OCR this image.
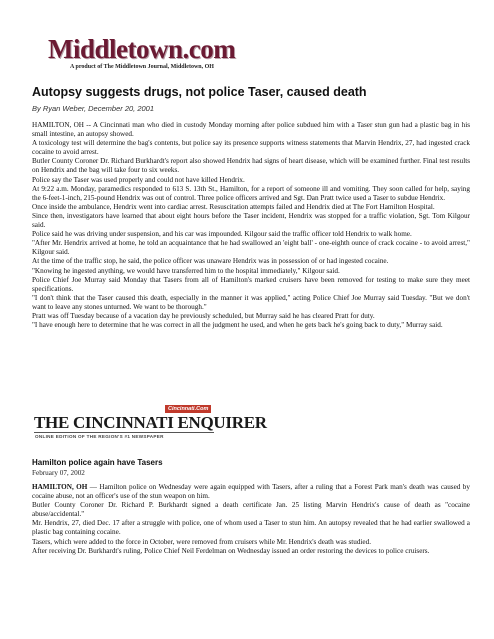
Middletown.com
A product of The Middletown Journal, Middletown, OH
Autopsy suggests drugs, not police Taser, caused death
By Ryan Weber, December 20, 2001

HAMILTON, OH -- A Cincinnati man who died in custody Monday morning after police subdued him with a Taser stun gun had a plastic bag in his small intestine, an autopsy showed.

A toxicology test will determine the bag's contents, but police say its presence supports witness statements that Marvin Hendrix, 27, had ingested crack cocaine to avoid arrest.

Butler County Coroner Dr. Richard Burkhardt's report also showed Hendrix had signs of heart disease, which will be examined further. Final test results on Hendrix and the bag will take four to six weeks.

Police say the Taser was used properly and could not have killed Hendrix.

At 9:22 a.m. Monday, paramedics responded to 613 S. 13th St., Hamilton, for a report of someone ill and vomiting. They soon called for help, saying the 6-feet-1-inch, 215-pound Hendrix was out of control. Three police officers arrived and Sgt. Dan Pratt twice used a Taser to subdue Hendrix.

Once inside the ambulance, Hendrix went into cardiac arrest. Resuscitation attempts failed and Hendrix died at The Fort Hamilton Hospital.

Since then, investigators have learned that about eight hours before the Taser incident, Hendrix was stopped for a traffic violation, Sgt. Tom Kilgour said.

Police said he was driving under suspension, and his car was impounded. Kilgour said the traffic officer told Hendrix to walk home.

"After Mr. Hendrix arrived at home, he told an acquaintance that he had swallowed an 'eight ball' - one-eighth ounce of crack cocaine - to avoid arrest," Kilgour said.

At the time of the traffic stop, he said, the police officer was unaware Hendrix was in possession of or had ingested cocaine.

"Knowing he ingested anything, we would have transferred him to the hospital immediately," Kilgour said.

Police Chief Joe Murray said Monday that Tasers from all of Hamilton's marked cruisers have been removed for testing to make sure they meet specifications.

"I don't think that the Taser caused this death, especially in the manner it was applied," acting Police Chief Joe Murray said Tuesday. "But we don't want to leave any stones unturned. We want to be thorough."

Pratt was off Tuesday because of a vacation day he previously scheduled, but Murray said he has cleared Pratt for duty.

"I have enough here to determine that he was correct in all the judgment he used, and when he gets back he's going back to duty," Murray said.

Cincinnati.Com
THE CINCINNATI ENQUIRER
ONLINE EDITION OF THE REGION'S #1 NEWSPAPER
Hamilton police again have Tasers
February 07, 2002

HAMILTON, OH — Hamilton police on Wednesday were again equipped with Tasers, after a ruling that a Forest Park man's death was caused by cocaine abuse, not an officer's use of the stun weapon on him.

Butler County Coroner Dr. Richard P. Burkhardt signed a death certificate Jan. 25 listing Marvin Hendrix's cause of death as "cocaine abuse/accidental."

Mr. Hendrix, 27, died Dec. 17 after a struggle with police, one of whom used a Taser to stun him. An autopsy revealed that he had earlier swallowed a plastic bag containing cocaine.

Tasers, which were added to the force in October, were removed from cruisers while Mr. Hendrix's death was studied.

After receiving Dr. Burkhardt's ruling, Police Chief Neil Ferdelman on Wednesday issued an order restoring the devices to police cruisers.
